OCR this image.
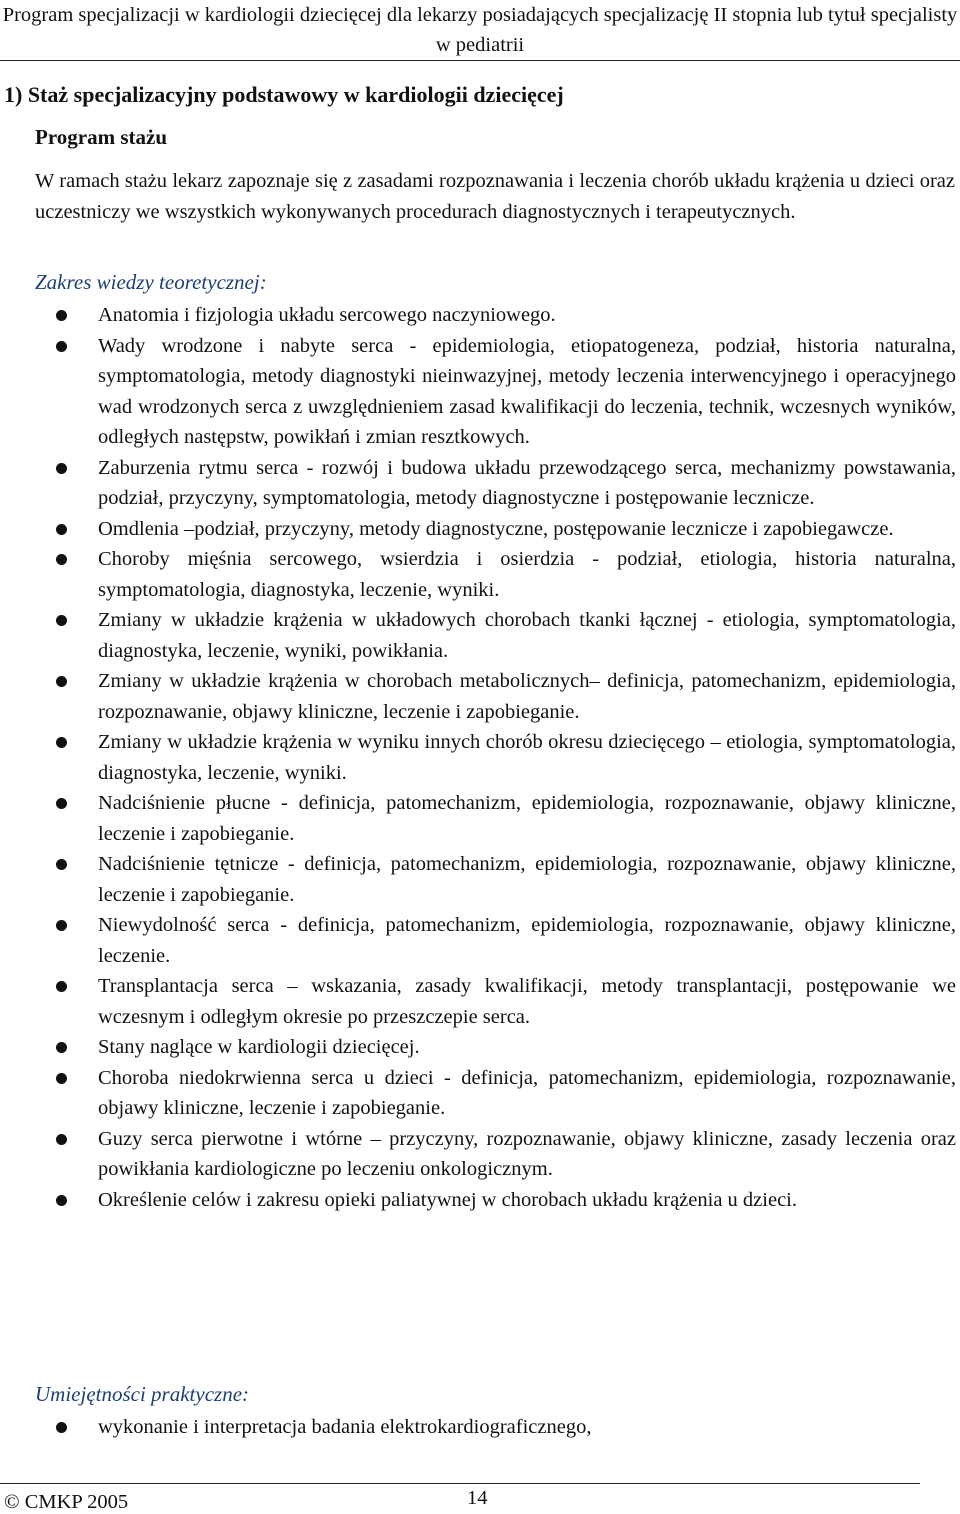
Program specjalizacji w kardiologii dziecięcej dla lekarzy posiadających specjalizację II stopnia lub tytuł specjalisty w pediatrii
1) Staż specjalizacyjny podstawowy w kardiologii dziecięcej
Program stażu

W ramach stażu lekarz zapoznaje się z zasadami rozpoznawania i leczenia chorób układu krążenia u dzieci oraz uczestniczy we wszystkich wykonywanych procedurach diagnostycznych i terapeutycznych.

Zakres wiedzy teoretycznej:
Anatomia i fizjologia układu sercowego naczyniowego.
Wady wrodzone i nabyte serca - epidemiologia, etiopatogeneza, podział, historia naturalna, symptomatologia, metody diagnostyki nieinwazyjnej, metody leczenia interwencyjnego i operacyjnego wad wrodzonych serca z uwzględnieniem zasad kwalifikacji do leczenia, technik, wczesnych wyników, odległych następstw, powikłań i zmian resztkowych.
Zaburzenia rytmu serca - rozwój i budowa układu przewodzącego serca, mechanizmy powstawania, podział, przyczyny, symptomatologia, metody diagnostyczne i postępowanie lecznicze.
Omdlenia –podział, przyczyny, metody diagnostyczne, postępowanie lecznicze i zapobiegawcze.
Choroby mięśnia sercowego, wsierdzia i osierdzia - podział, etiologia, historia naturalna, symptomatologia, diagnostyka, leczenie, wyniki.
Zmiany w układzie krążenia w układowych chorobach tkanki łącznej - etiologia, symptomatologia, diagnostyka, leczenie, wyniki, powikłania.
Zmiany w układzie krążenia w chorobach metabolicznych– definicja, patomechanizm, epidemiologia, rozpoznawanie, objawy kliniczne, leczenie i zapobieganie.
Zmiany w układzie krążenia w wyniku innych chorób okresu dziecięcego – etiologia, symptomatologia, diagnostyka, leczenie, wyniki.
Nadciśnienie płucne - definicja, patomechanizm, epidemiologia, rozpoznawanie, objawy kliniczne, leczenie i zapobieganie.
Nadciśnienie tętnicze - definicja, patomechanizm, epidemiologia, rozpoznawanie, objawy kliniczne, leczenie i zapobieganie.
Niewydolność serca - definicja, patomechanizm, epidemiologia, rozpoznawanie, objawy kliniczne, leczenie.
Transplantacja serca – wskazania, zasady kwalifikacji, metody transplantacji, postępowanie we wczesnym i odległym okresie po przeszczepie serca.
Stany naglące w kardiologii dziecięcej.
Choroba niedokrwienna serca u dzieci - definicja, patomechanizm, epidemiologia, rozpoznawanie, objawy kliniczne, leczenie i zapobieganie.
Guzy serca pierwotne i wtórne – przyczyny, rozpoznawanie, objawy kliniczne, zasady leczenia oraz powikłania kardiologiczne po leczeniu onkologicznym.
Określenie celów i zakresu opieki paliatywnej w chorobach układu krążenia u dzieci.
Umiejętności praktyczne:
wykonanie i interpretacja badania elektrokardiograficznego,
© CMKP 2005	14
